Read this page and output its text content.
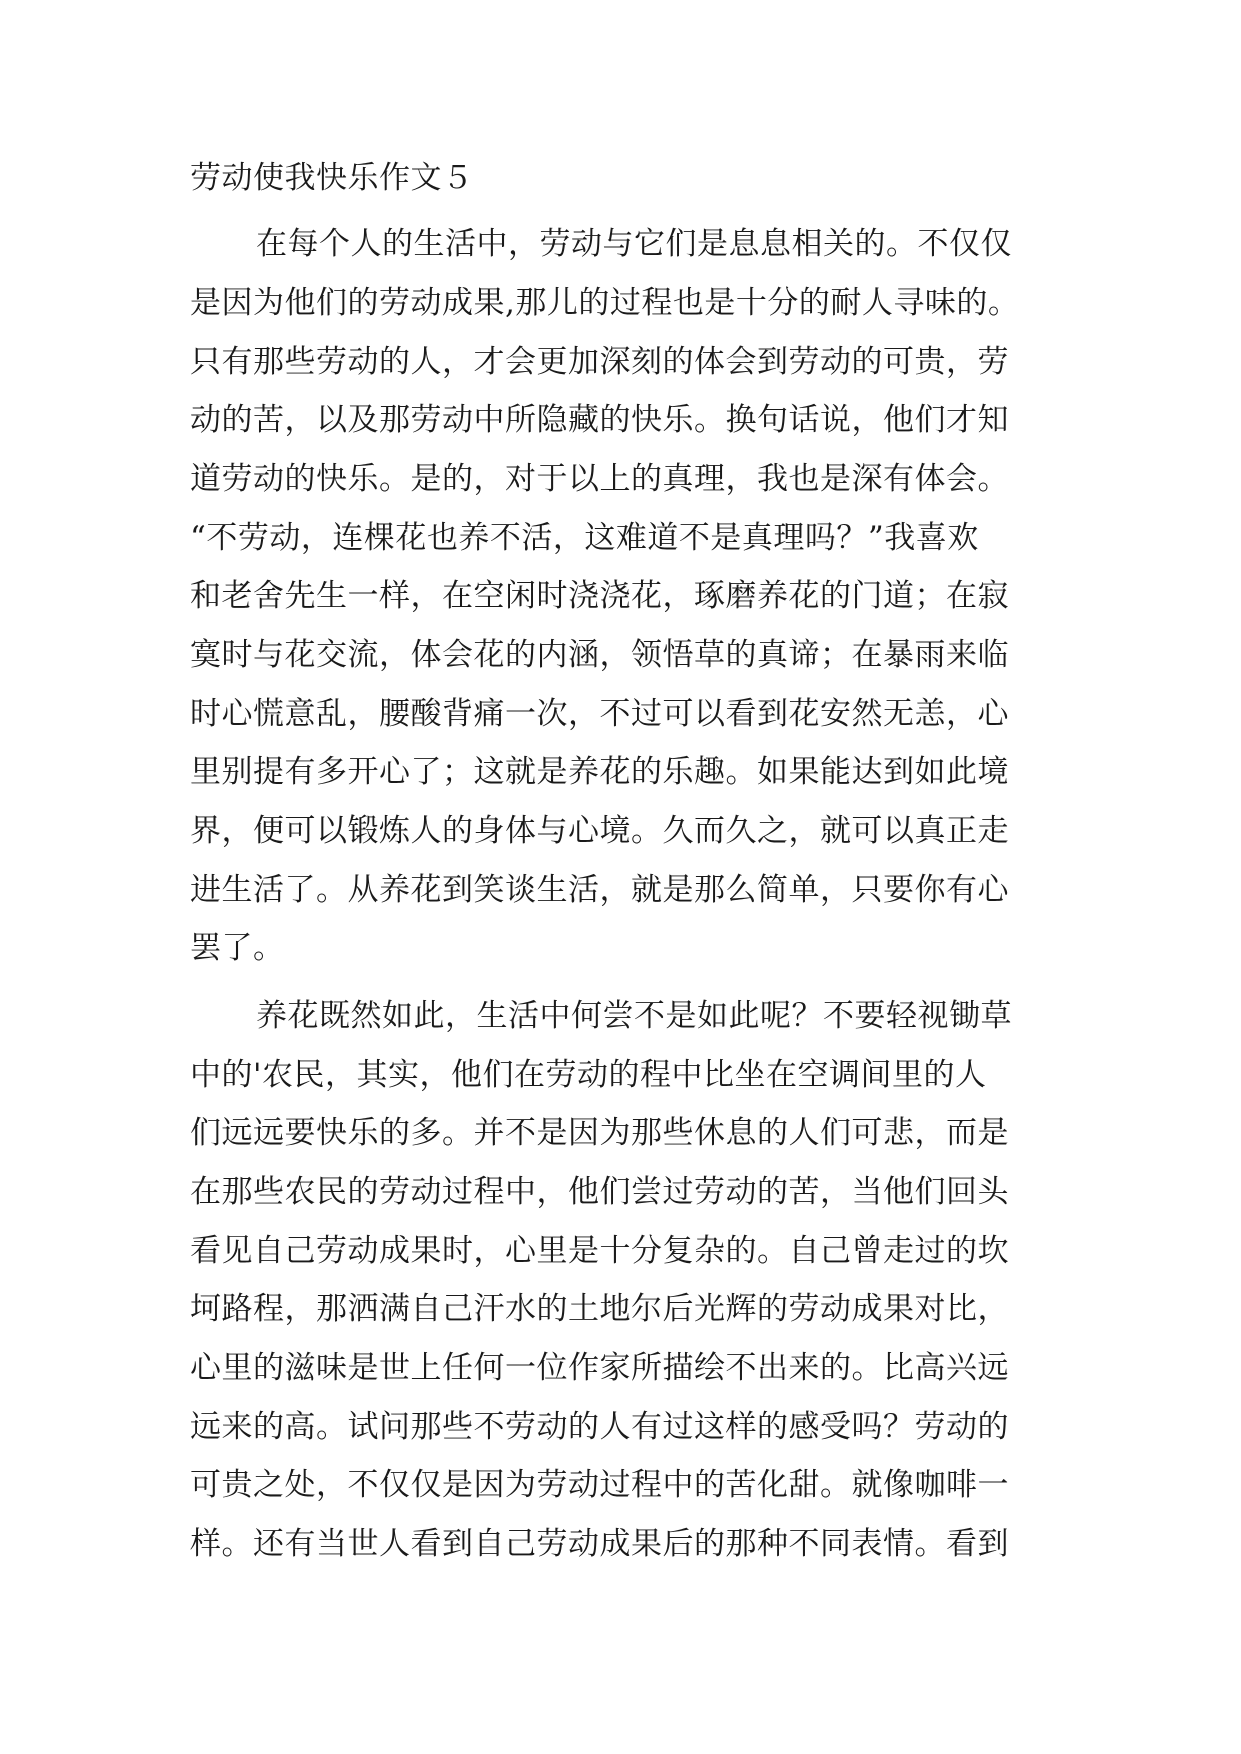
劳动使我快乐作文５
在每个人的生活中，劳动与它们是息息相关的。不仅仅
是因为他们的劳动成果,那儿的过程也是十分的耐人寻味的。
只有那些劳动的人，才会更加深刻的体会到劳动的可贵，劳
动的苦，以及那劳动中所隐藏的快乐。换句话说，他们才知
道劳动的快乐。是的，对于以上的真理，我也是深有体会。
“不劳动，连棵花也养不活，这难道不是真理吗？”我喜欢
和老舍先生一样，在空闲时浇浇花，琢磨养花的门道；在寂
寞时与花交流，体会花的内涵，领悟草的真谛；在暴雨来临
时心慌意乱，腰酸背痛一次，不过可以看到花安然无恙，心
里别提有多开心了；这就是养花的乐趣。如果能达到如此境
界，便可以锻炼人的身体与心境。久而久之，就可以真正走
进生活了。从养花到笑谈生活，就是那么简单，只要你有心
罢了。
养花既然如此，生活中何尝不是如此呢？不要轻视锄草
中的'农民，其实，他们在劳动的程中比坐在空调间里的人
们远远要快乐的多。并不是因为那些休息的人们可悲，而是
在那些农民的劳动过程中，他们尝过劳动的苦，当他们回头
看见自己劳动成果时，心里是十分复杂的。自己曾走过的坎
坷路程，那洒满自己汗水的土地尔后光辉的劳动成果对比，
心里的滋味是世上任何一位作家所描绘不出来的。比高兴远
远来的高。试问那些不劳动的人有过这样的感受吗？劳动的
可贵之处，不仅仅是因为劳动过程中的苦化甜。就像咖啡一
样。还有当世人看到自己劳动成果后的那种不同表情。看到
